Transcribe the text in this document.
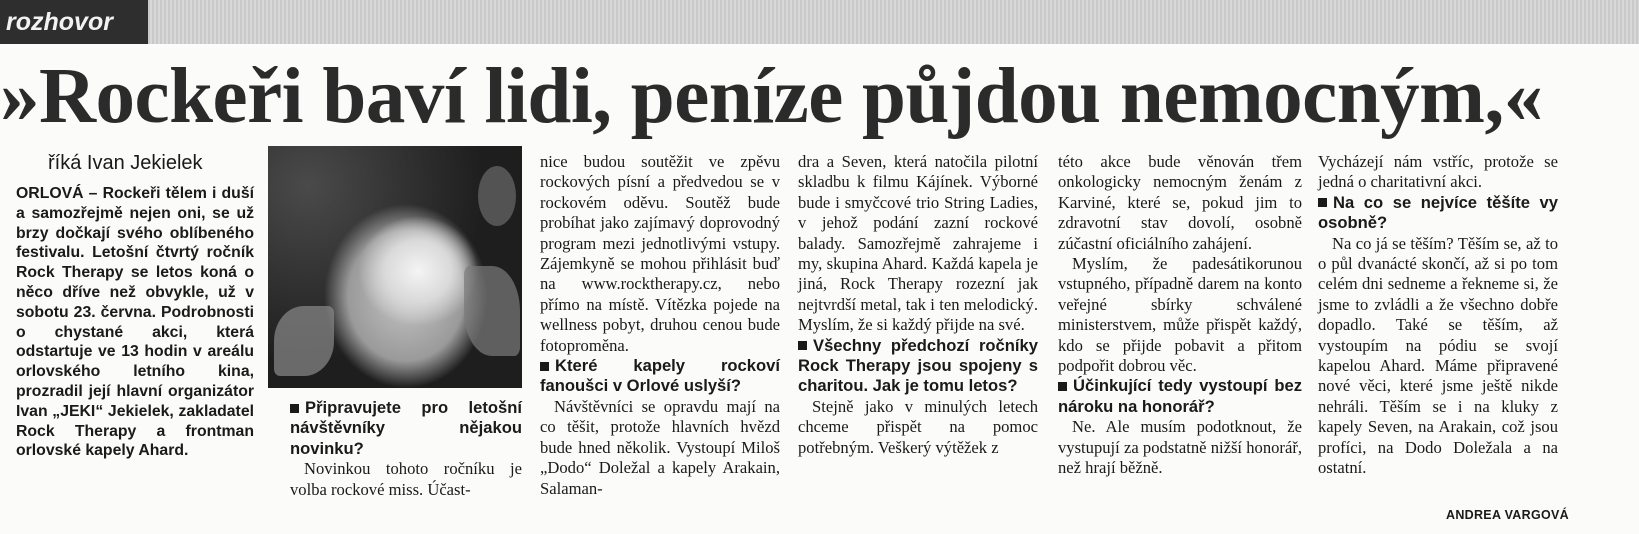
rozhovor
»Rockeři baví lidi, peníze půjdou nemocným,«
říká Ivan Jekielek
ORLOVÁ – Rockeři tělem i duší a samozřejmě nejen oni, se už brzy dočkají svého oblíbeného festivalu. Letošní čtvrtý ročník Rock Therapy se letos koná o něco dříve než obvykle, už v sobotu 23. června. Podrobnosti o chystané akci, která odstartuje ve 13 hodin v areálu orlovského letního kina, prozradil její hlavní organizátor Ivan „JEKI“ Jekielek, zakladatel Rock Therapy a frontman orlovské kapely Ahard.

Připravujete pro letošní návštěvníky nějakou novinku?

Novinkou tohoto ročníku je volba rockové miss. Účast-

nice budou soutěžit ve zpěvu rockových písní a předvedou se v rockovém oděvu. Soutěž bude probíhat jako zajímavý doprovodný program mezi jednotlivými vstupy. Zájemkyně se mohou přihlásit buď na www.rocktherapy.cz, nebo přímo na místě. Vítězka pojede na wellness pobyt, druhou cenou bude fotoproměna.

Které kapely rockoví fanoušci v Orlové uslyší?

Návštěvníci se opravdu mají na co těšit, protože hlavních hvězd bude hned několik. Vystoupí Miloš „Dodo“ Doležal a kapely Arakain, Salaman-

dra a Seven, která natočila pilotní skladbu k filmu Kájínek. Výborné bude i smyčcové trio String Ladies, v jehož podání zazní rockové balady. Samozřejmě zahrajeme i my, skupina Ahard. Každá kapela je jiná, Rock Therapy rozezní jak nejtvrdší metal, tak i ten melodický. Myslím, že si každý přijde na své.

Všechny předchozí ročníky Rock Therapy jsou spojeny s charitou. Jak je tomu letos?

Stejně jako v minulých letech chceme přispět na pomoc potřebným. Veškerý výtěžek z

této akce bude věnován třem onkologicky nemocným ženám z Karviné, které se, pokud jim to zdravotní stav dovolí, osobně zúčastní oficiálního zahájení.

Myslím, že padesátikorunou vstupného, případně darem na konto veřejné sbírky schválené ministerstvem, může přispět každý, kdo se přijde pobavit a přitom podpořit dobrou věc.

Účinkující tedy vystoupí bez nároku na honorář?

Ne. Ale musím podotknout, že vystupují za podstatně nižší honorář, než hrají běžně.

Vycházejí nám vstříc, protože se jedná o charitativní akci.

Na co se nejvíce těšíte vy osobně?

Na co já se těším? Těším se, až to o půl dvanácté skončí, až si po tom celém dni sedneme a řekneme si, že jsme to zvládli a že všechno dobře dopadlo. Také se těším, až vystoupím na pódiu se svojí kapelou Ahard. Máme připravené nové věci, které jsme ještě nikde nehráli. Těším se i na kluky z kapely Seven, na Arakain, což jsou profíci, na Dodo Doležala a na ostatní.

ANDREA VARGOVÁ
